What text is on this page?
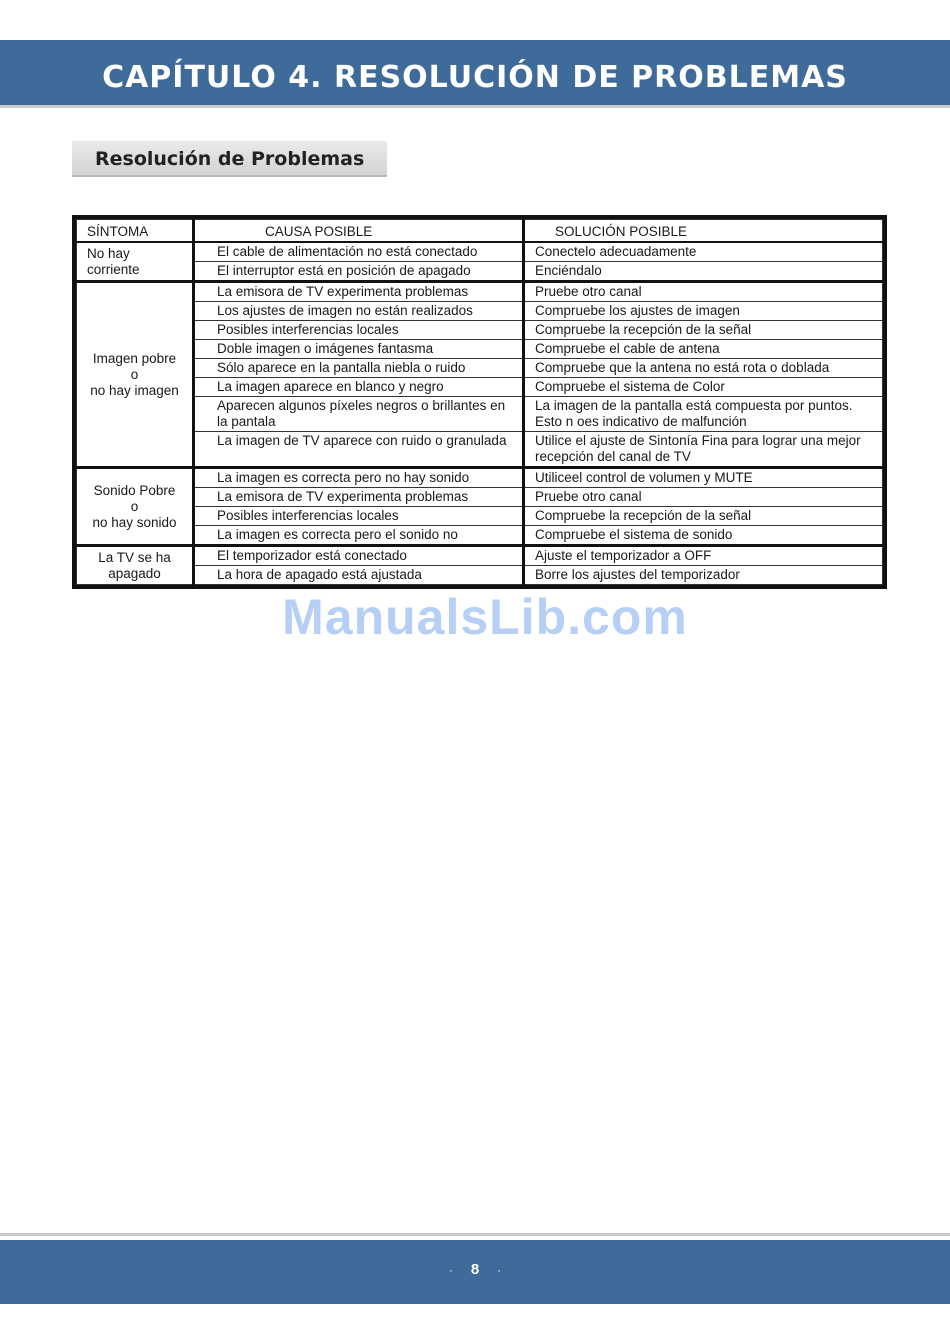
CAPÍTULO 4. RESOLUCIÓN DE PROBLEMAS
Resolución de Problemas
SÍNTOMA	CAUSA POSIBLE	SOLUCIÓN POSIBLE
No hay
corriente	El cable de alimentación no está conectado	Conectelo adecuadamente
	El interruptor está en posición de apagado	Enciéndalo
Imagen pobre
o
no hay imagen	La emisora de TV experimenta problemas	Pruebe otro canal
	Los ajustes de imagen no están realizados	Compruebe los ajustes de imagen
	Posibles interferencias locales	Compruebe la recepción de la señal
	Doble imagen o imágenes fantasma	Compruebe el cable de antena
	Sólo aparece en la pantalla niebla o ruido	Compruebe que la antena no está rota o doblada
	La imagen aparece en blanco y negro	Compruebe el sistema de Color
	Aparecen algunos píxeles negros o brillantes en la pantala	La imagen de la pantalla está compuesta por puntos. Esto n oes indicativo de malfunción
	La imagen de TV aparece con ruido o granulada	Utilice el ajuste de Sintonía Fina para lograr una mejor recepción del canal de TV
Sonido Pobre
o
no hay sonido	La imagen es correcta pero no hay sonido	Utiliceel control de volumen y MUTE
	La emisora de TV experimenta problemas	Pruebe otro canal
	Posibles interferencias locales	Compruebe la recepción de la señal
	La imagen es correcta pero el sonido no	Compruebe el sistema de sonido
La TV se ha
apagado	El temporizador está conectado	Ajuste el temporizador a OFF
	La hora de apagado está ajustada	Borre los ajustes del temporizador
ManualsLib.com
· 8 ·
